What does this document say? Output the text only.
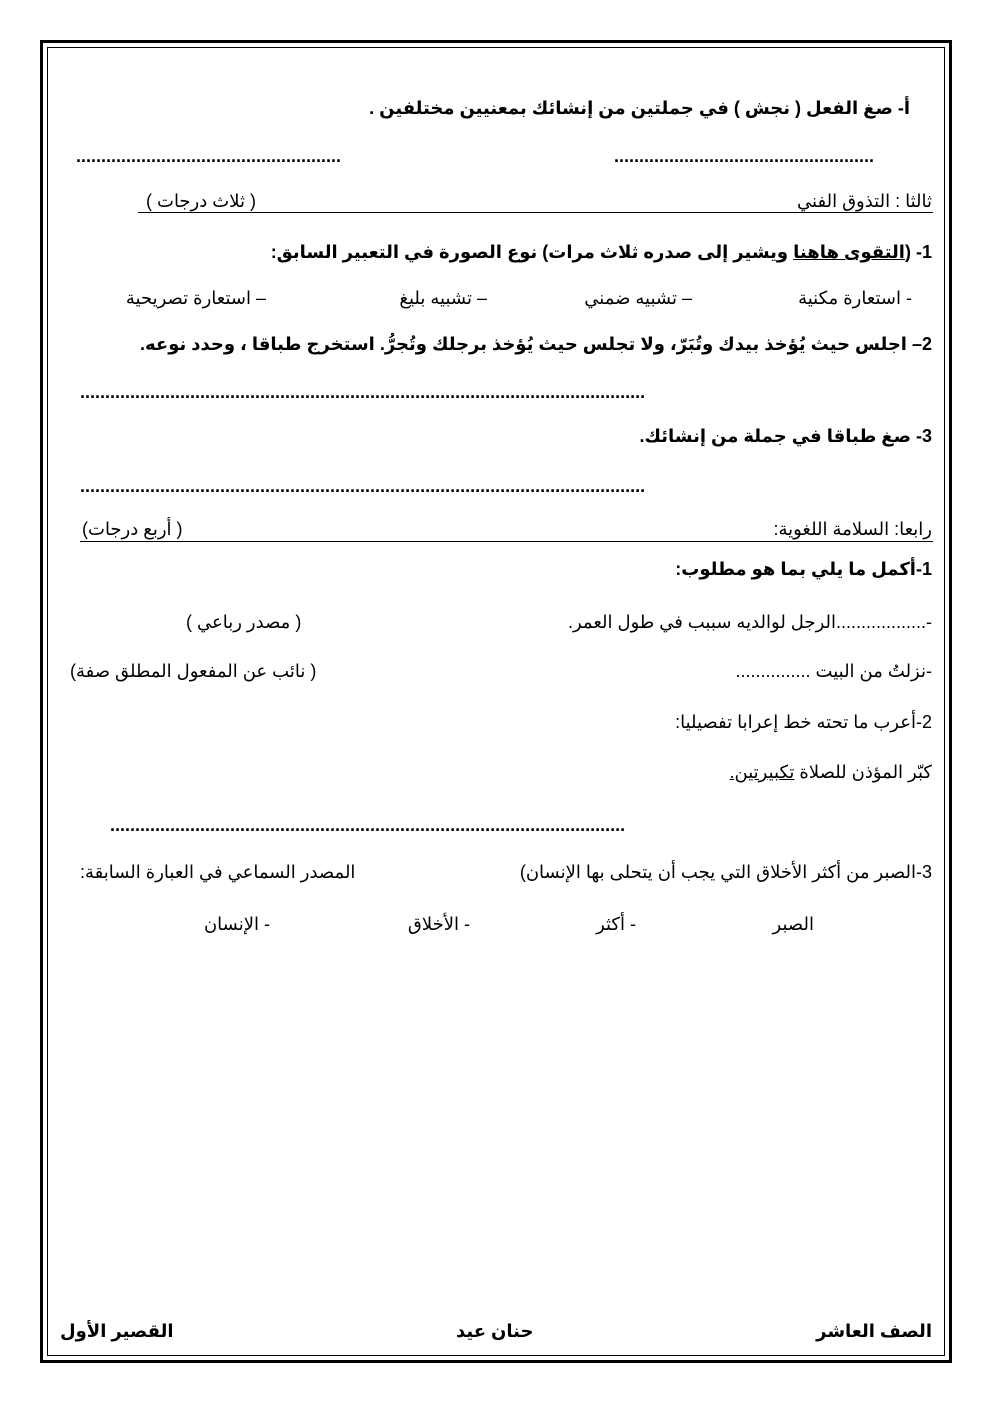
أ- صغ الفعل ( نجش ) في جملتين من إنشائك بمعنيين مختلفين .
....................................................
.....................................................
ثالثا : التذوق الفني
( ثلاث درجات )
1- (التقوى هاهنا ويشير إلى صدره ثلاث مرات) نوع الصورة في التعبير السابق:
- استعارة مكنية
– تشبيه ضمني
– تشبيه بليغ
– استعارة تصريحية
2– اجلس حيث يُؤخذ بيدك وتُبَرّ، ولا تجلس حيث يُؤخذ برجلك وتُجرُّ. استخرج طباقا ، وحدد نوعه.
.................................................................................................................
3- صغ طباقا في جملة من إنشائك.
.................................................................................................................
رابعا: السلامة اللغوية:
( أربع درجات)
1-أكمل ما يلي بما هو مطلوب:
-..................الرجل لوالديه سببب في طول العمر.
( مصدر رباعي )
-نزلتُ من البيت ...............
( نائب عن المفعول المطلق صفة)
2-أعرب ما تحته خط إعرابا تفصيليا:
كبّر المؤذن للصلاة تكبيرتين.
.......................................................................................................
3-الصبر من أكثر الأخلاق التي يجب أن يتحلى بها الإنسان)
المصدر السماعي في العبارة السابقة:
الصبر
- أكثر
- الأخلاق
- الإنسان
الصف العاشر
حنان عيد
القصير الأول
